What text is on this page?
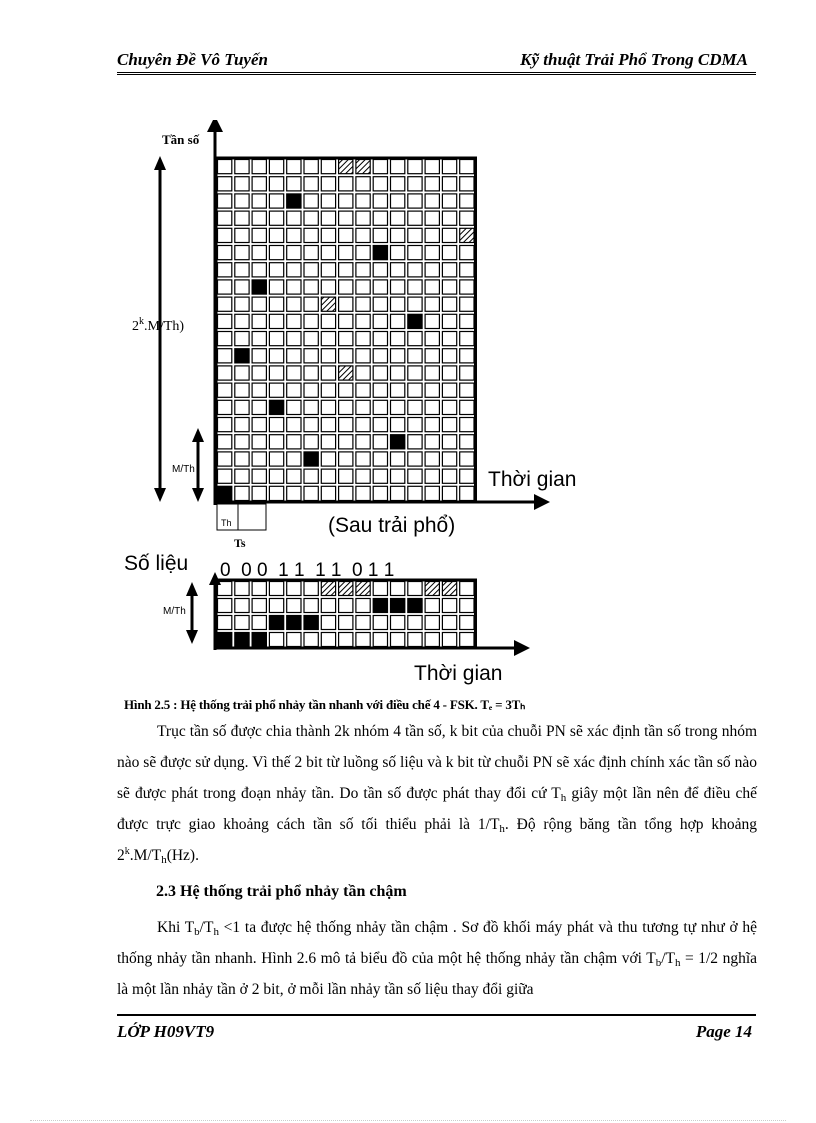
Chuyên Đề Vô Tuyến	Kỹ thuật Trải Phổ Trong CDMA
Tần số
2$^k$.M/Th)
M/Th	Thời gian
Th
Ts
(Sau trải phổ)
Số liệu 0  0 0  1 1  1 1  0 1 1
M/Th
Thời gian
Hình 2.5 : Hệ thống trải phổ nhảy tần nhanh với điều chế 4 - FSK. Tₑ = 3Tₕ
Trục tần số được chia thành 2k nhóm 4 tần số, k bit của chuỗi PN sẽ xác định tần số trong nhóm nào sẽ được sử dụng. Vì thế 2 bit từ luồng số liệu và k bit từ chuỗi PN sẽ xác định chính xác tần số nào sẽ được phát trong đoạn nhảy tần. Do tần số được phát thay đổi cứ $T_h$ giây một lần nên để điều chế được trực giao khoảng cách tần số tối thiểu phải là $1/T_h$. Độ rộng băng tần tổng hợp khoảng $2^k.M/T_h(Hz)$.
2.3 Hệ thống trải phổ nhảy tần chậm
Khi $T_b/T_h <1$ ta được hệ thống nhảy tần chậm . Sơ đồ khối máy phát và thu tương tự như ở hệ thống nhảy tần nhanh. Hình 2.6 mô tả biểu đồ của một hệ thống nhảy tần chậm với $T_b/T_h = 1/2$ nghĩa là một lần nhảy tần ở 2 bit, ở mỗi lần nhảy tần số liệu thay đổi giữa
LỚP H09VT9	Page 14
